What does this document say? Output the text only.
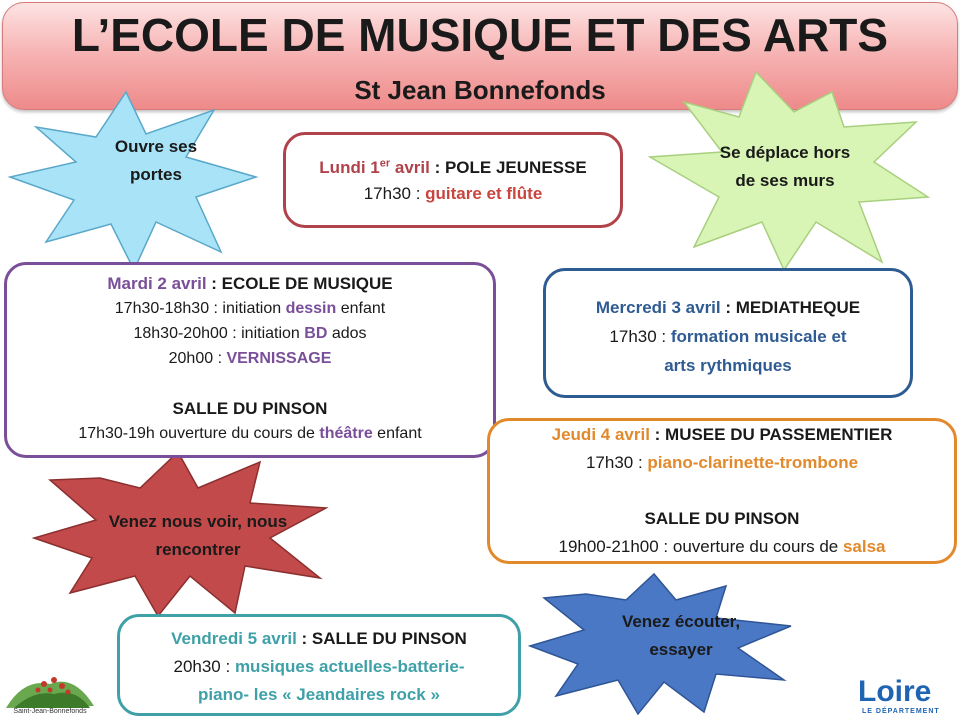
L’ECOLE DE MUSIQUE ET DES ARTS
St Jean Bonnefonds
Ouvre ses portes
Se déplace hors de ses murs
Venez nous voir, nous rencontrer
Venez écouter, essayer
Lundi 1er avril : POLE JEUNESSE
17h30 : guitare et flûte
Mardi 2 avril : ECOLE DE MUSIQUE
17h30-18h30 : initiation dessin enfant
18h30-20h00 : initiation BD ados
20h00 : VERNISSAGE
SALLE DU PINSON
17h30-19h ouverture du cours de théâtre enfant
Mercredi 3 avril : MEDIATHEQUE
17h30 : formation musicale et
arts rythmiques
Jeudi 4 avril : MUSEE DU PASSEMENTIER
17h30 : piano-clarinette-trombone
SALLE DU PINSON
19h00-21h00 : ouverture du cours de salsa
Vendredi 5 avril : SALLE DU PINSON
20h30 : musiques actuelles-batterie-
piano- les « Jeandaires rock »
Saint-Jean-Bonnefonds
Loire
LE DÉPARTEMENT
